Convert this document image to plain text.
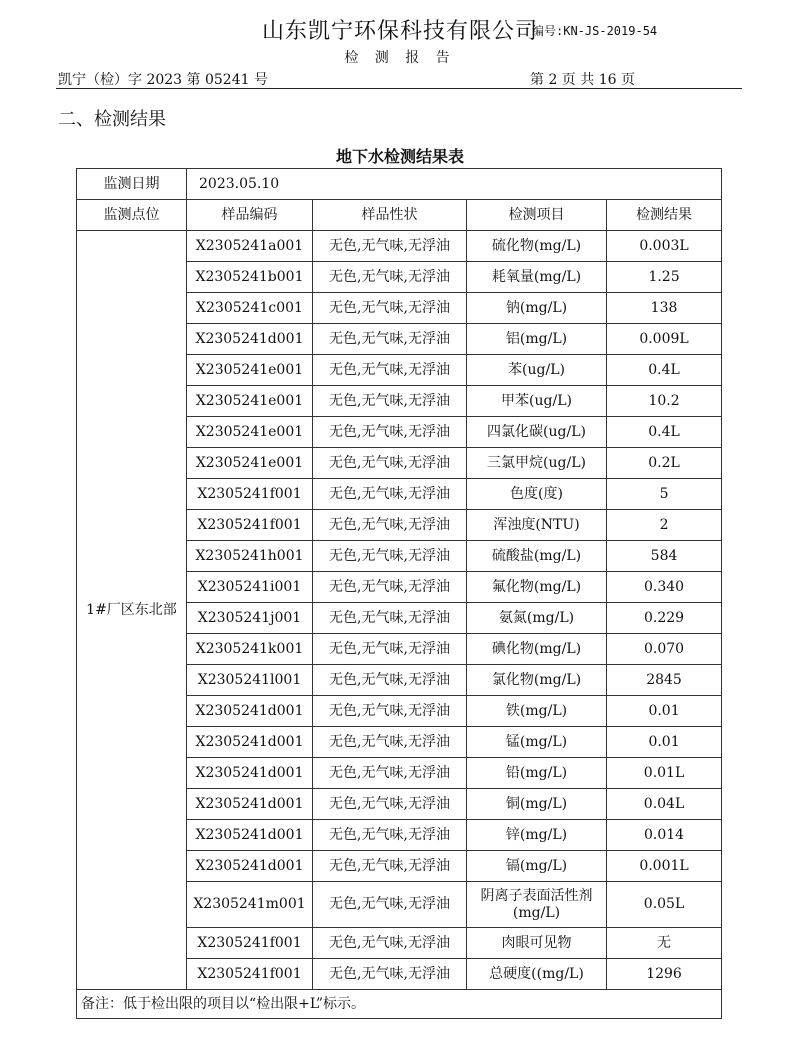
山东凯宁环保科技有限公司
编号:KN-JS-2019-54
检 测 报 告
凯宁（检）字 2023 第 05241 号	第 2 页 共 16 页
二、检测结果
地下水检测结果表
监测日期	2023.05.10			
监测点位	样品编码	样品性状	检测项目	检测结果
1#厂区东北部	X2305241a001	无色,无气味,无浮油	硫化物(mg/L)	0.003L
	X2305241b001	无色,无气味,无浮油	耗氧量(mg/L)	1.25
	X2305241c001	无色,无气味,无浮油	钠(mg/L)	138
	X2305241d001	无色,无气味,无浮油	铝(mg/L)	0.009L
	X2305241e001	无色,无气味,无浮油	苯(ug/L)	0.4L
	X2305241e001	无色,无气味,无浮油	甲苯(ug/L)	10.2
	X2305241e001	无色,无气味,无浮油	四氯化碳(ug/L)	0.4L
	X2305241e001	无色,无气味,无浮油	三氯甲烷(ug/L)	0.2L
	X2305241f001	无色,无气味,无浮油	色度(度)	5
	X2305241f001	无色,无气味,无浮油	浑浊度(NTU)	2
	X2305241h001	无色,无气味,无浮油	硫酸盐(mg/L)	584
	X2305241i001	无色,无气味,无浮油	氟化物(mg/L)	0.340
	X2305241j001	无色,无气味,无浮油	氨氮(mg/L)	0.229
	X2305241k001	无色,无气味,无浮油	碘化物(mg/L)	0.070
	X2305241l001	无色,无气味,无浮油	氯化物(mg/L)	2845
	X2305241d001	无色,无气味,无浮油	铁(mg/L)	0.01
	X2305241d001	无色,无气味,无浮油	锰(mg/L)	0.01
	X2305241d001	无色,无气味,无浮油	铅(mg/L)	0.01L
	X2305241d001	无色,无气味,无浮油	铜(mg/L)	0.04L
	X2305241d001	无色,无气味,无浮油	锌(mg/L)	0.014
	X2305241d001	无色,无气味,无浮油	镉(mg/L)	0.001L
	X2305241m001	无色,无气味,无浮油	阴离子表面活性剂(mg/L)	0.05L
	X2305241f001	无色,无气味,无浮油	肉眼可见物	无
	X2305241f001	无色,无气味,无浮油	总硬度((mg/L)	1296
备注：低于检出限的项目以“检出限+L”标示。				
